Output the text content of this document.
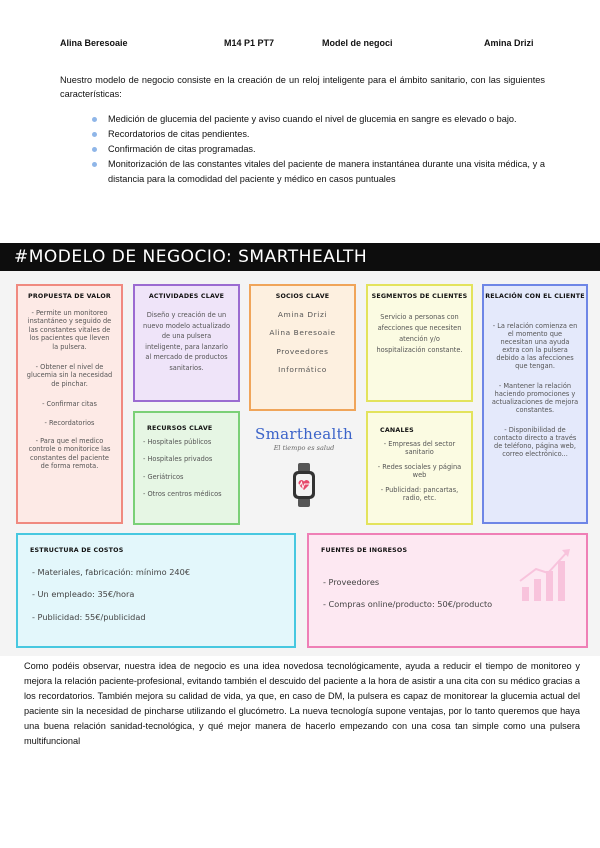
Alina Beresoaie	M14 P1 PT7	Model de negoci	Amina Drizi
Nuestro modelo de negocio consiste en la creación de un reloj inteligente para el ámbito sanitario, con las siguientes características:
Medición de glucemia del paciente y aviso cuando el nivel de glucemia en sangre es elevado o bajo.
Recordatorios de citas pendientes.
Confirmación de citas programadas.
Monitorización de las constantes vitales del paciente de manera instantánea durante una visita médica, y a distancia para la comodidad del paciente y médico en casos puntuales
#MODELO DE NEGOCIO: SMARTHEALTH
PROPUESTA DE VALOR
- Permite un monitoreo instantáneo y seguido de las constantes vitales de los pacientes que lleven la pulsera.
- Obtener el nivel de glucemia sin la necesidad de pinchar.
- Confirmar citas
- Recordatorios
- Para que el medico controle o monitorice las constantes del paciente de forma remota.
ACTIVIDADES CLAVE
Diseño y creación de un nuevo modelo actualizado de una pulsera inteligente, para lanzarlo al mercado de productos sanitarios.
SOCIOS CLAVE
Amina Drizi
Alina Beresoaie
Proveedores
Informático
SEGMENTOS DE CLIENTES
Servicio a personas con afecciones que necesiten atención y/o hospitalización constante.
RELACIÓN CON EL CLIENTE
- La relación comienza en el momento que necesitan una ayuda extra con la pulsera debido a las afecciones que tengan.
- Mantener la relación haciendo promociones y actualizaciones de mejora constantes.
- Disponibilidad de contacto directo a través de teléfono, página web, correo electrónico...
RECURSOS CLAVE
- Hospitales públicos
- Hospitales privados
- Geriátricos
- Otros centros médicos
Smarthealth
El tiempo es salud
CANALES
- Empresas del sector sanitario
- Redes sociales y página web
- Publicidad: pancartas, radio, etc.
ESTRUCTURA DE COSTOS
- Materiales, fabricación: mínimo 240€
- Un empleado: 35€/hora
- Publicidad: 55€/publicidad
FUENTES DE INGRESOS
- Proveedores
- Compras online/producto: 50€/producto
Como podéis observar, nuestra idea de negocio es una idea novedosa tecnológicamente, ayuda a reducir el tiempo de monitoreo y mejora la relación paciente-profesional, evitando también el descuido del paciente a la hora de asistir a una cita con su médico gracias a los recordatorios. También mejora su calidad de vida, ya que, en caso de DM, la pulsera es capaz de monitorear la glucemia actual del paciente sin la necesidad de pincharse utilizando el glucómetro. La nueva tecnología supone ventajas, por lo tanto queremos que haya una buena relación sanidad-tecnológica, y qué mejor manera de hacerlo empezando con una cosa tan simple como una pulsera multifuncional
